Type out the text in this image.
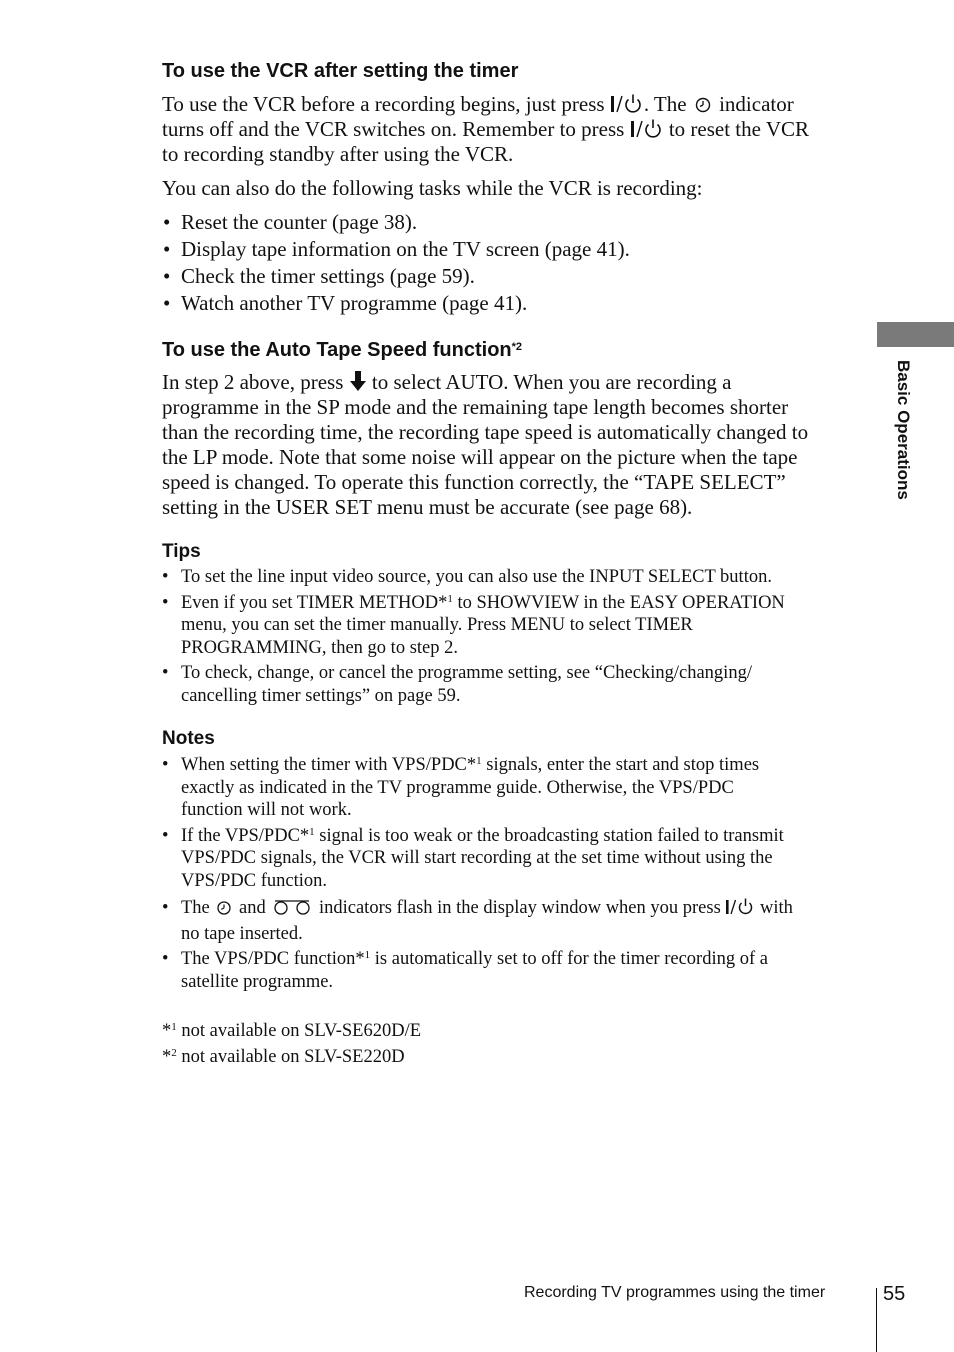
To use the VCR after setting the timer
To use the VCR before a recording begins, just press . The  indicator
turns off and the VCR switches on. Remember to press  to reset the VCR
to recording standby after using the VCR.
You can also do the following tasks while the VCR is recording:
• Reset the counter (page 38).
• Display tape information on the TV screen (page 41).
• Check the timer settings (page 59).
• Watch another TV programme (page 41).
To use the Auto Tape Speed function$^{*2}$
In step 2 above, press  to select AUTO. When you are recording a
programme in the SP mode and the remaining tape length becomes shorter
than the recording time, the recording tape speed is automatically changed to
the LP mode. Note that some noise will appear on the picture when the tape
speed is changed. To operate this function correctly, the “TAPE SELECT”
setting in the USER SET menu must be accurate (see page 68).
Tips
• To set the line input video source, you can also use the INPUT SELECT button.
• Even if you set TIMER METHOD*$^1$ to SHOWVIEW in the EASY OPERATION
menu, you can set the timer manually. Press MENU to select TIMER
PROGRAMMING, then go to step 2.
• To check, change, or cancel the programme setting, see “Checking/changing/
cancelling timer settings” on page 59.
Notes
• When setting the timer with VPS/PDC*$^1$ signals, enter the start and stop times
exactly as indicated in the TV programme guide. Otherwise, the VPS/PDC
function will not work.
• If the VPS/PDC*$^1$ signal is too weak or the broadcasting station failed to transmit
VPS/PDC signals, the VCR will start recording at the set time without using the
VPS/PDC function.
• The  and  indicators flash in the display window when you press  with
no tape inserted.
• The VPS/PDC function*$^1$ is automatically set to off for the timer recording of a
satellite programme.
*$^1$ not available on SLV-SE620D/E
*$^2$ not available on SLV-SE220D
Basic Operations
Recording TV programmes using the timer	55
